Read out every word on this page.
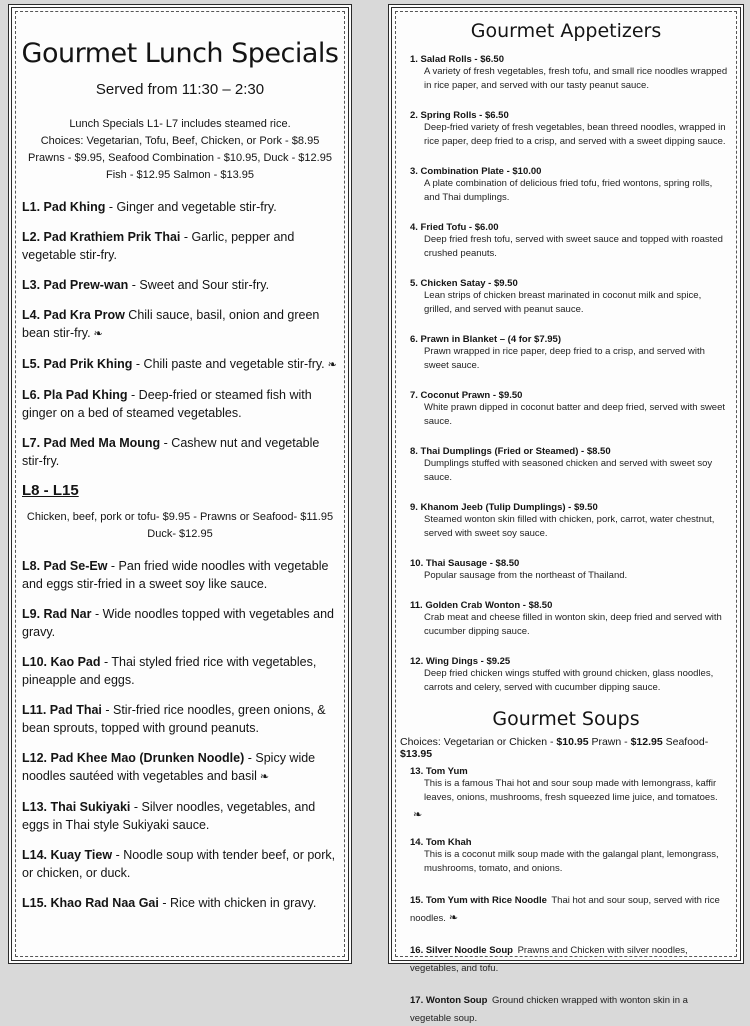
Gourmet Lunch Specials
Served from 11:30 – 2:30
Lunch Specials L1- L7 includes steamed rice.
Choices: Vegetarian, Tofu, Beef, Chicken, or Pork - $8.95
Prawns - $9.95, Seafood Combination - $10.95, Duck - $12.95
Fish - $12.95 Salmon - $13.95
L1. Pad Khing - Ginger and vegetable stir-fry.
L2. Pad Krathiem Prik Thai - Garlic, pepper and vegetable stir-fry.
L3. Pad Prew-wan - Sweet and Sour stir-fry.
L4. Pad Kra Prow Chili sauce, basil, onion and green bean stir-fry. ❧
L5. Pad Prik Khing - Chili paste and vegetable stir-fry. ❧
L6. Pla Pad Khing - Deep-fried or steamed fish with ginger on a bed of steamed vegetables.
L7. Pad Med Ma Moung - Cashew nut and vegetable stir-fry.
L8 - L15
Chicken, beef, pork or tofu- $9.95 - Prawns or Seafood- $11.95
Duck- $12.95
L8. Pad Se-Ew - Pan fried wide noodles with vegetable and eggs stir-fried in a sweet soy like sauce.
L9. Rad Nar - Wide noodles topped with vegetables and gravy.
L10. Kao Pad - Thai styled fried rice with vegetables, pineapple and eggs.
L11. Pad Thai - Stir-fried rice noodles, green onions, & bean sprouts, topped with ground peanuts.
L12. Pad Khee Mao (Drunken Noodle) - Spicy wide noodles sautéed with vegetables and basil ❧
L13. Thai Sukiyaki - Silver noodles, vegetables, and eggs in Thai style Sukiyaki sauce.
L14. Kuay Tiew - Noodle soup with tender beef, or pork, or chicken, or duck.
L15. Khao Rad Naa Gai - Rice with chicken in gravy.
Gourmet Appetizers
1. Salad Rolls - $6.50
A variety of fresh vegetables, fresh tofu, and small rice noodles wrapped in rice paper, and served with our tasty peanut sauce.
2. Spring Rolls - $6.50
Deep-fried variety of fresh vegetables, bean threed noodles, wrapped in rice paper, deep fried to a crisp, and served with a sweet dipping sauce.
3. Combination Plate - $10.00
A plate combination of delicious fried tofu, fried wontons, spring rolls, and Thai dumplings.
4. Fried Tofu - $6.00
Deep fried fresh tofu, served with sweet sauce and topped with roasted crushed peanuts.
5. Chicken Satay - $9.50
Lean strips of chicken breast marinated in coconut milk and spice, grilled, and served with peanut sauce.
6. Prawn in Blanket – (4 for $7.95)
Prawn wrapped in rice paper, deep fried to a crisp, and served with sweet sauce.
7. Coconut Prawn - $9.50
White prawn dipped in coconut batter and deep fried, served with sweet sauce.
8. Thai Dumplings (Fried or Steamed) - $8.50
Dumplings stuffed with seasoned chicken and served with sweet soy sauce.
9. Khanom Jeeb (Tulip Dumplings) - $9.50
Steamed wonton skin filled with chicken, pork, carrot, water chestnut, served with sweet soy sauce.
10. Thai Sausage - $8.50
Popular sausage from the northeast of Thailand.
11. Golden Crab Wonton - $8.50
Crab meat and cheese filled in wonton skin, deep fried and served with cucumber dipping sauce.
12. Wing Dings - $9.25
Deep fried chicken wings stuffed with ground chicken, glass noodles, carrots and celery, served with cucumber dipping sauce.
Gourmet Soups
Choices: Vegetarian or Chicken - $10.95 Prawn - $12.95 Seafood- $13.95
13. Tom Yum
This is a famous Thai hot and sour soup made with lemongrass, kaffir leaves, onions, mushrooms, fresh squeezed lime juice, and tomatoes.
❧
14. Tom Khah
This is a coconut milk soup made with the galangal plant, lemongrass, mushrooms, tomato, and onions.
15. Tom Yum with Rice Noodle Thai hot and sour soup, served with rice noodles. ❧
16. Silver Noodle Soup Prawns and Chicken with silver noodles, vegetables, and tofu.
17. Wonton Soup Ground chicken wrapped with wonton skin in a vegetable soup.
